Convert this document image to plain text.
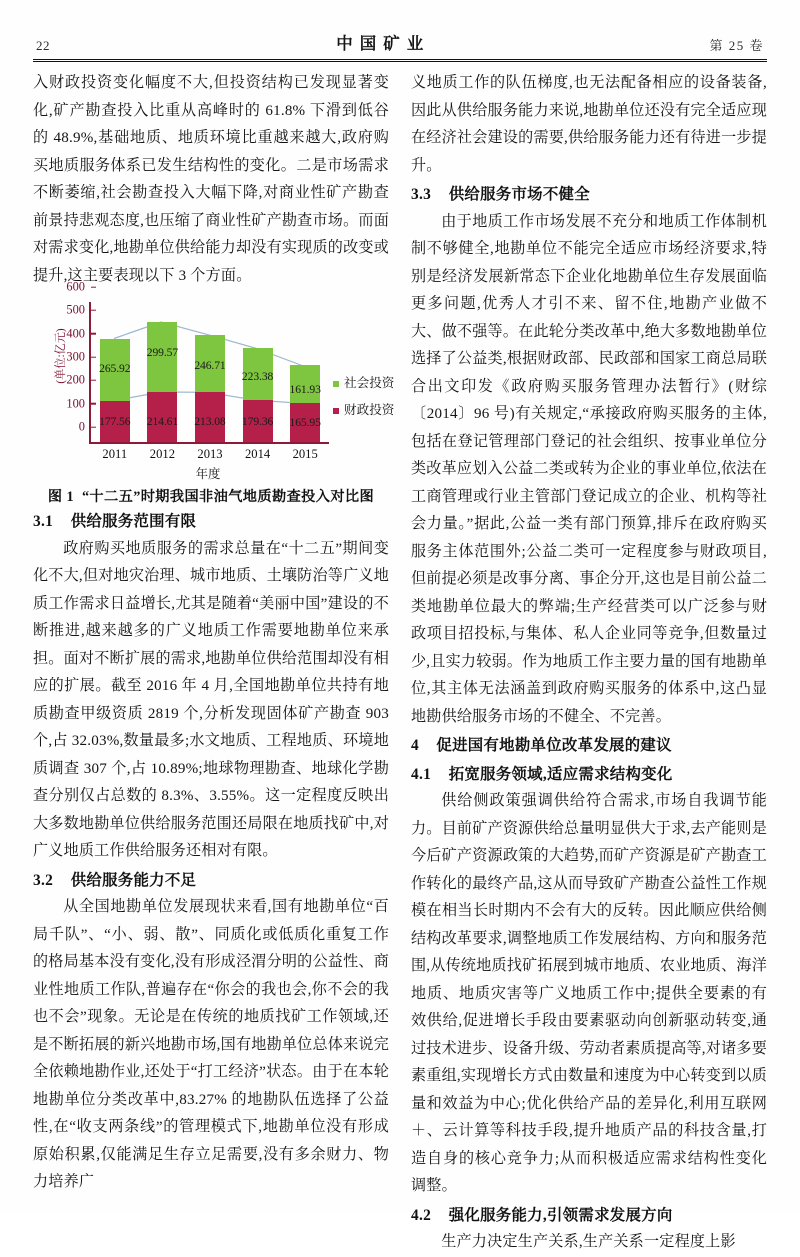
22	中国矿业	第 25 卷

入财政投资变化幅度不大,但投资结构已发现显著变化,矿产勘查投入比重从高峰时的 61.8% 下滑到低谷的 48.9%,基础地质、地质环境比重越来越大,政府购买地质服务体系已发生结构性的变化。二是市场需求不断萎缩,社会勘查投入大幅下降,对商业性矿产勘查前景持悲观态度,也压缩了商业性矿产勘查市场。而面对需求变化,地勘单位供给能力却没有实现质的改变或提升,这主要表现以下 3 个方面。

(单位:亿元)
0
100
200
300
400
500
600
265.92
177.56
2011
299.57
214.61
2012
246.71
213.08
2013
223.38
179.36
2014
161.93
165.95
2015
年度
社会投资
财政投资
图 1 “十二五”时期我国非油气地质勘查投入对比图
3.1 供给服务范围有限

政府购买地质服务的需求总量在“十二五”期间变化不大,但对地灾治理、城市地质、土壤防治等广义地质工作需求日益增长,尤其是随着“美丽中国”建设的不断推进,越来越多的广义地质工作需要地勘单位来承担。面对不断扩展的需求,地勘单位供给范围却没有相应的扩展。截至 2016 年 4 月,全国地勘单位共持有地质勘查甲级资质 2819 个,分析发现固体矿产勘查 903 个,占 32.03%,数量最多;水文地质、工程地质、环境地质调查 307 个,占 10.89%;地球物理勘查、地球化学勘查分别仅占总数的 8.3%、3.55%。这一定程度反映出大多数地勘单位供给服务范围还局限在地质找矿中,对广义地质工作供给服务还相对有限。

3.2 供给服务能力不足

从全国地勘单位发展现状来看,国有地勘单位“百局千队”、“小、弱、散”、同质化或低质化重复工作的格局基本没有变化,没有形成泾渭分明的公益性、商业性地质工作队,普遍存在“你会的我也会,你不会的我也不会”现象。无论是在传统的地质找矿工作领域,还是不断拓展的新兴地勘市场,国有地勘单位总体来说完全依赖地勘作业,还处于“打工经济”状态。由于在本轮地勘单位分类改革中,83.27% 的地勘队伍选择了公益性,在“收支两条线”的管理模式下,地勘单位没有形成原始积累,仅能满足生存立足需要,没有多余财力、物力培养广

义地质工作的队伍梯度,也无法配备相应的设备装备,因此从供给服务能力来说,地勘单位还没有完全适应现在经济社会建设的需要,供给服务能力还有待进一步提升。

3.3 供给服务市场不健全

由于地质工作市场发展不充分和地质工作体制机制不够健全,地勘单位不能完全适应市场经济要求,特别是经济发展新常态下企业化地勘单位生存发展面临更多问题,优秀人才引不来、留不住,地勘产业做不大、做不强等。在此轮分类改革中,绝大多数地勘单位选择了公益类,根据财政部、民政部和国家工商总局联合出文印发《政府购买服务管理办法暂行》(财综〔2014〕96 号)有关规定,“承接政府购买服务的主体,包括在登记管理部门登记的社会组织、按事业单位分类改革应划入公益二类或转为企业的事业单位,依法在工商管理或行业主管部门登记成立的企业、机构等社会力量。”据此,公益一类有部门预算,排斥在政府购买服务主体范围外;公益二类可一定程度参与财政项目,但前提必须是改事分离、事企分开,这也是目前公益二类地勘单位最大的弊端;生产经营类可以广泛参与财政项目招投标,与集体、私人企业同等竞争,但数量过少,且实力较弱。作为地质工作主要力量的国有地勘单位,其主体无法涵盖到政府购买服务的体系中,这凸显地勘供给服务市场的不健全、不完善。

4 促进国有地勘单位改革发展的建议
4.1 拓宽服务领域,适应需求结构变化

供给侧政策强调供给符合需求,市场自我调节能力。目前矿产资源供给总量明显供大于求,去产能则是今后矿产资源政策的大趋势,而矿产资源是矿产勘查工作转化的最终产品,这从而导致矿产勘查公益性工作规模在相当长时期内不会有大的反转。因此顺应供给侧结构改革要求,调整地质工作发展结构、方向和服务范围,从传统地质找矿拓展到城市地质、农业地质、海洋地质、地质灾害等广义地质工作中;提供全要素的有效供给,促进增长手段由要素驱动向创新驱动转变,通过技术进步、设备升级、劳动者素质提高等,对诸多要素重组,实现增长方式由数量和速度为中心转变到以质量和效益为中心;优化供给产品的差异化,利用互联网＋、云计算等科技手段,提升地质产品的科技含量,打造自身的核心竞争力;从而积极适应需求结构性变化调整。

4.2 强化服务能力,引领需求发展方向

生产力决定生产关系,生产关系一定程度上影
